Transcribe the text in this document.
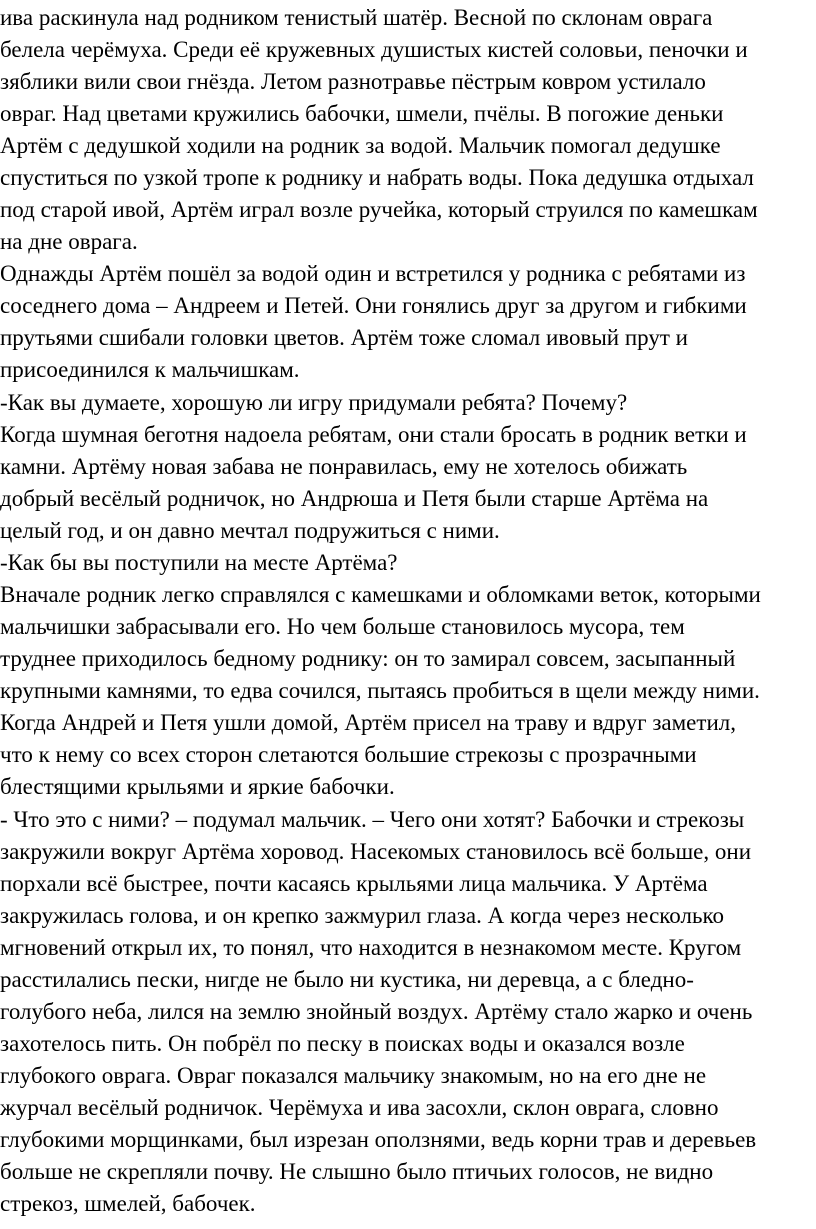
ива раскинула над родником тенистый шатёр. Весной по склонам оврага
белела черёмуха. Среди её кружевных душистых кистей соловьи, пеночки и
зяблики вили свои гнёзда. Летом разнотравье пёстрым ковром устилало
овраг. Над цветами кружились бабочки, шмели, пчёлы. В погожие деньки
Артём с дедушкой ходили на родник за водой. Мальчик помогал дедушке
спуститься по узкой тропе к роднику и набрать воды. Пока дедушка отдыхал
под старой ивой, Артём играл возле ручейка, который струился по камешкам
на дне оврага.
Однажды Артём пошёл за водой один и встретился у родника с ребятами из
соседнего дома – Андреем и Петей. Они гонялись друг за другом и гибкими
прутьями сшибали головки цветов. Артём тоже сломал ивовый прут и
присоединился к мальчишкам.
-Как вы думаете, хорошую ли игру придумали ребята? Почему?
Когда шумная беготня надоела ребятам, они стали бросать в родник ветки и
камни. Артёму новая забава не понравилась, ему не хотелось обижать
добрый весёлый родничок, но Андрюша и Петя были старше Артёма на
целый год, и он давно мечтал подружиться с ними.
-Как бы вы поступили на месте Артёма?
Вначале родник легко справлялся с камешками и обломками веток, которыми
мальчишки забрасывали его. Но чем больше становилось мусора, тем
труднее приходилось бедному роднику: он то замирал совсем, засыпанный
крупными камнями, то едва сочился, пытаясь пробиться в щели между ними.
Когда Андрей и Петя ушли домой, Артём присел на траву и вдруг заметил,
что к нему со всех сторон слетаются большие стрекозы с прозрачными
блестящими крыльями и яркие бабочки.
- Что это с ними? – подумал мальчик. – Чего они хотят? Бабочки и стрекозы
закружили вокруг Артёма хоровод. Насекомых становилось всё больше, они
порхали всё быстрее, почти касаясь крыльями лица мальчика. У Артёма
закружилась голова, и он крепко зажмурил глаза. А когда через несколько
мгновений открыл их, то понял, что находится в незнакомом месте. Кругом
расстилались пески, нигде не было ни кустика, ни деревца, а с бледно-
голубого неба, лился на землю знойный воздух. Артёму стало жарко и очень
захотелось пить. Он побрёл по песку в поисках воды и оказался возле
глубокого оврага. Овраг показался мальчику знакомым, но на его дне не
журчал весёлый родничок. Черёмуха и ива засохли, склон оврага, словно
глубокими морщинками, был изрезан оползнями, ведь корни трав и деревьев
больше не скрепляли почву. Не слышно было птичьих голосов, не видно
стрекоз, шмелей, бабочек.
